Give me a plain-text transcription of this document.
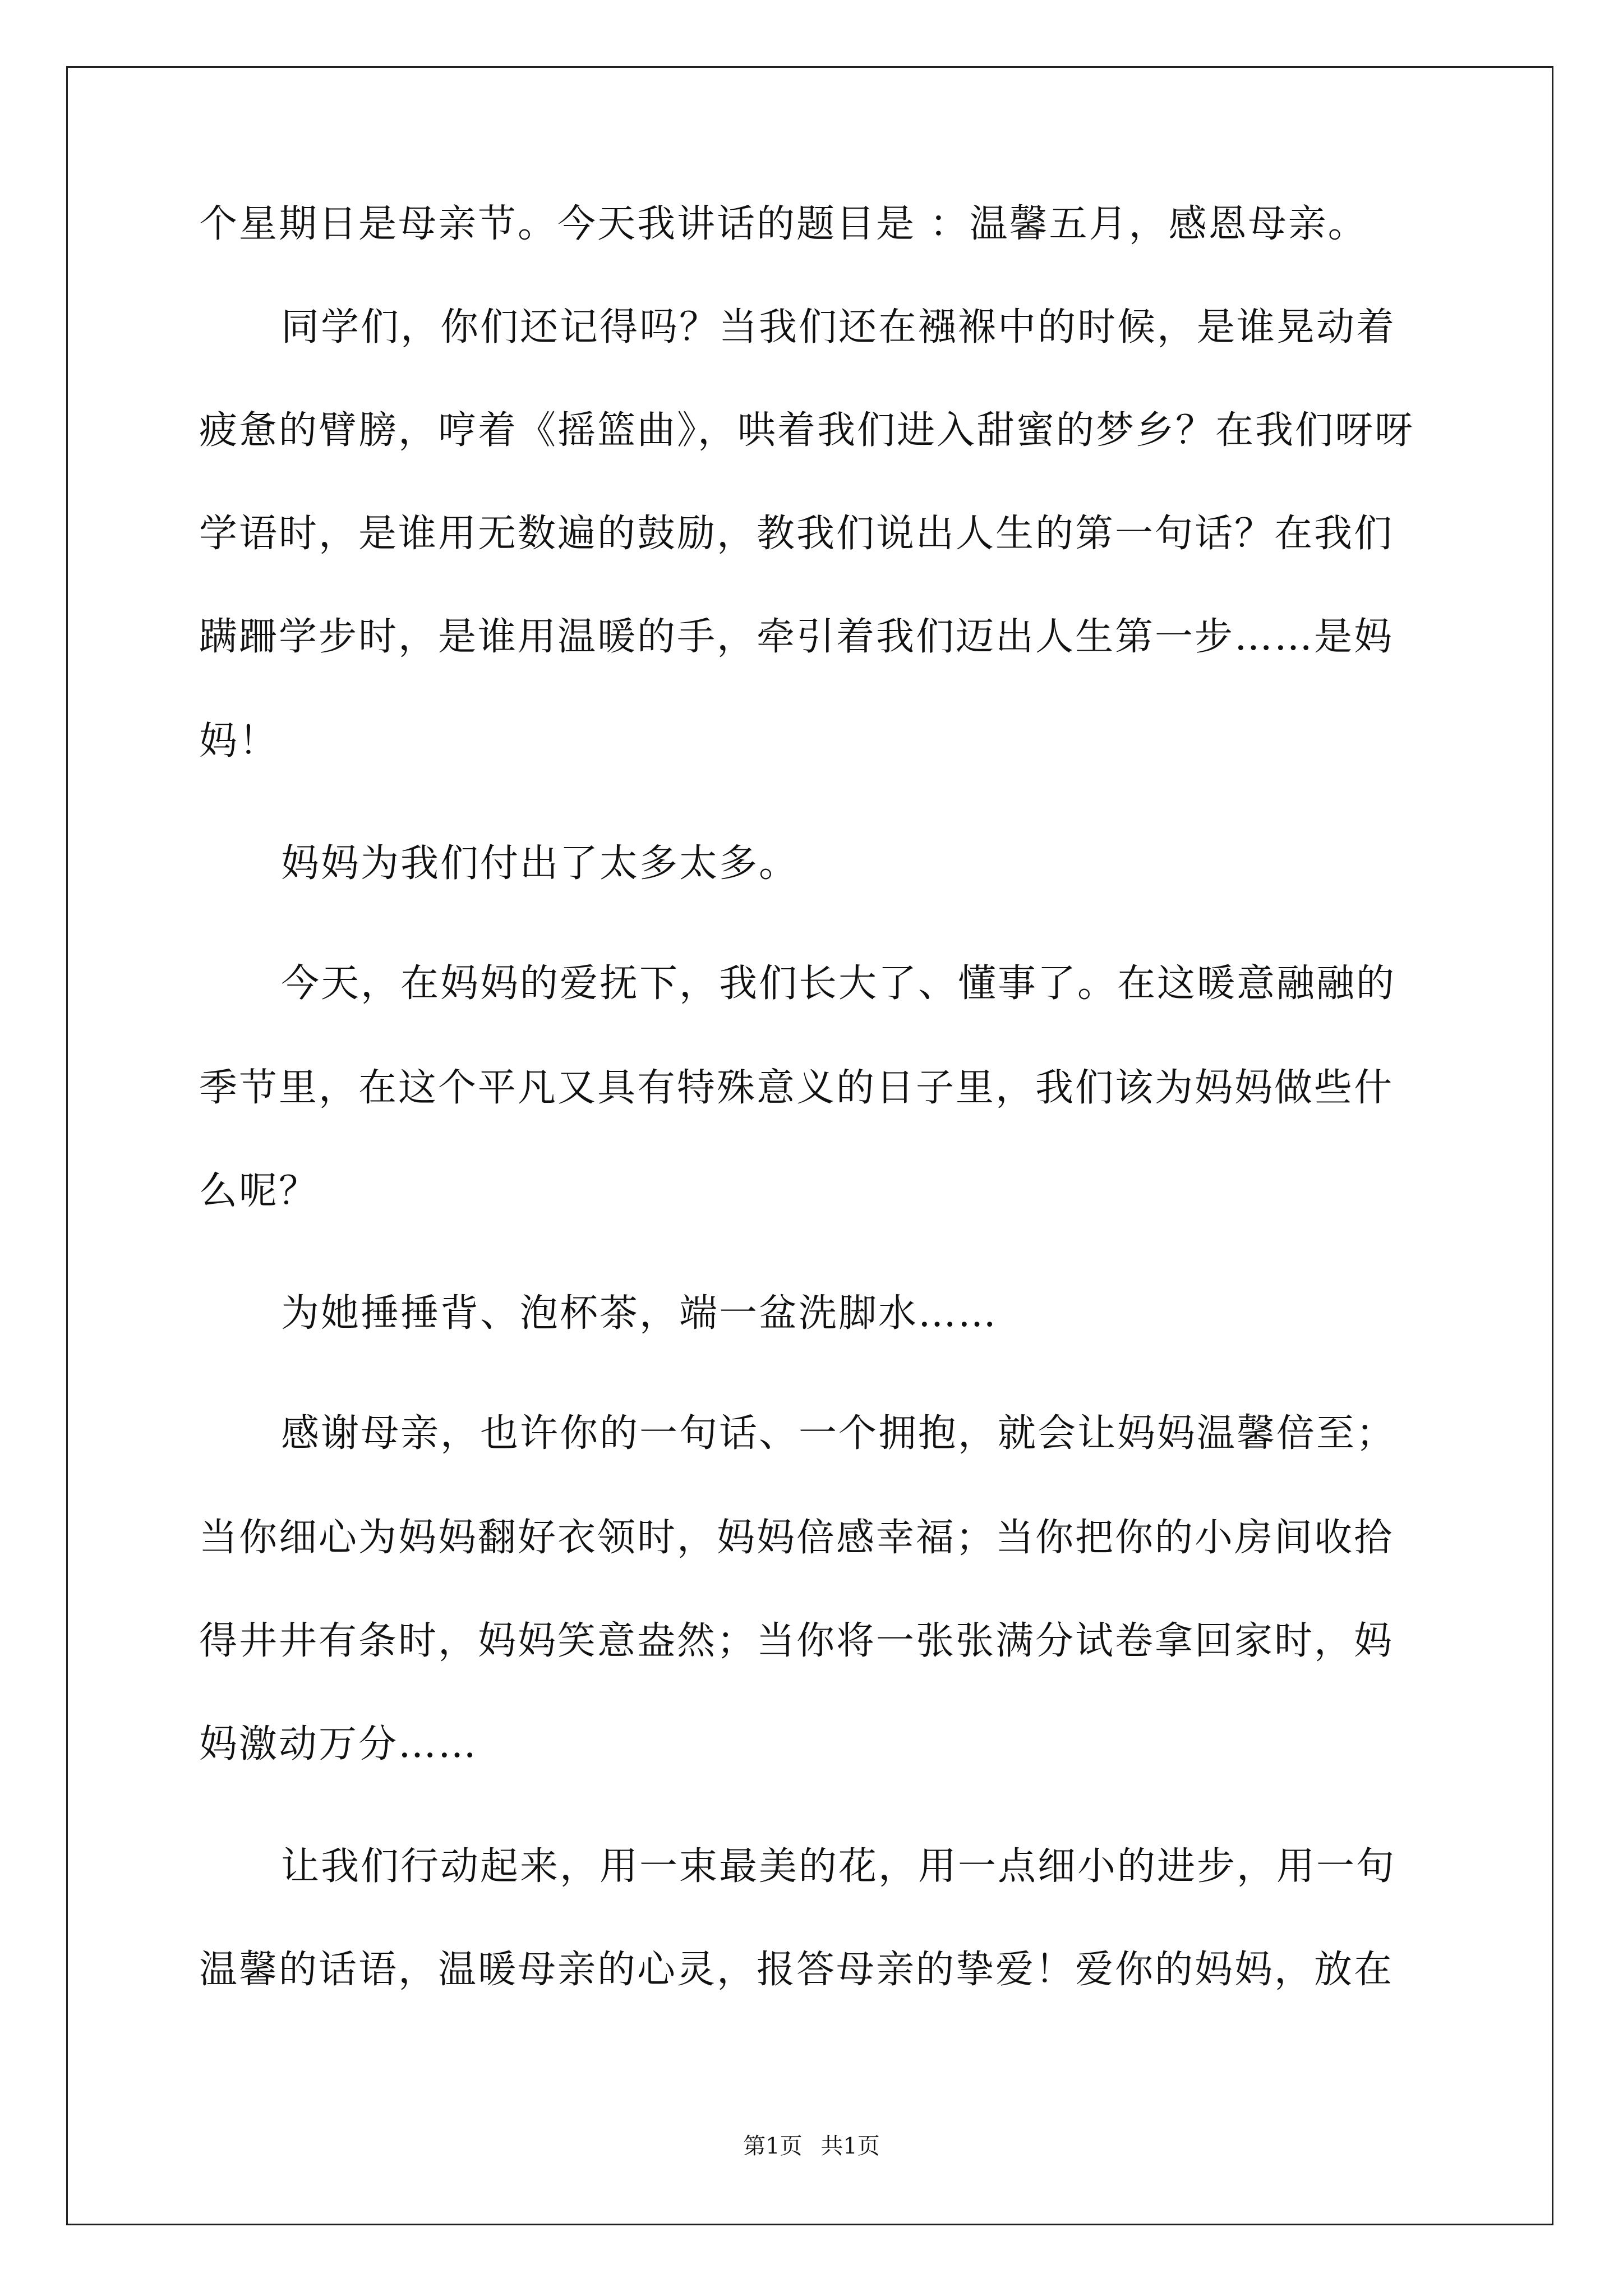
个星期日是母亲节。今天我讲话的题目是 ：温馨五月，感恩母亲。
同学们，你们还记得吗？当我们还在襁褓中的时候，是谁晃动着
疲惫的臂膀，哼着《摇篮曲》，哄着我们进入甜蜜的梦乡？在我们呀呀
学语时，是谁用无数遍的鼓励，教我们说出人生的第一句话？在我们
蹒跚学步时，是谁用温暖的手，牵引着我们迈出人生第一步……是妈
妈！
妈妈为我们付出了太多太多。
今天，在妈妈的爱抚下，我们长大了、懂事了。在这暖意融融的
季节里，在这个平凡又具有特殊意义的日子里，我们该为妈妈做些什
么呢？
为她捶捶背、泡杯茶，端一盆洗脚水……
感谢母亲，也许你的一句话、一个拥抱，就会让妈妈温馨倍至；
当你细心为妈妈翻好衣领时，妈妈倍感幸福；当你把你的小房间收拾
得井井有条时，妈妈笑意盎然；当你将一张张满分试卷拿回家时，妈
妈激动万分……
让我们行动起来，用一束最美的花，用一点细小的进步，用一句
温馨的话语，温暖母亲的心灵，报答母亲的挚爱！爱你的妈妈，放在
第1页 共1页
